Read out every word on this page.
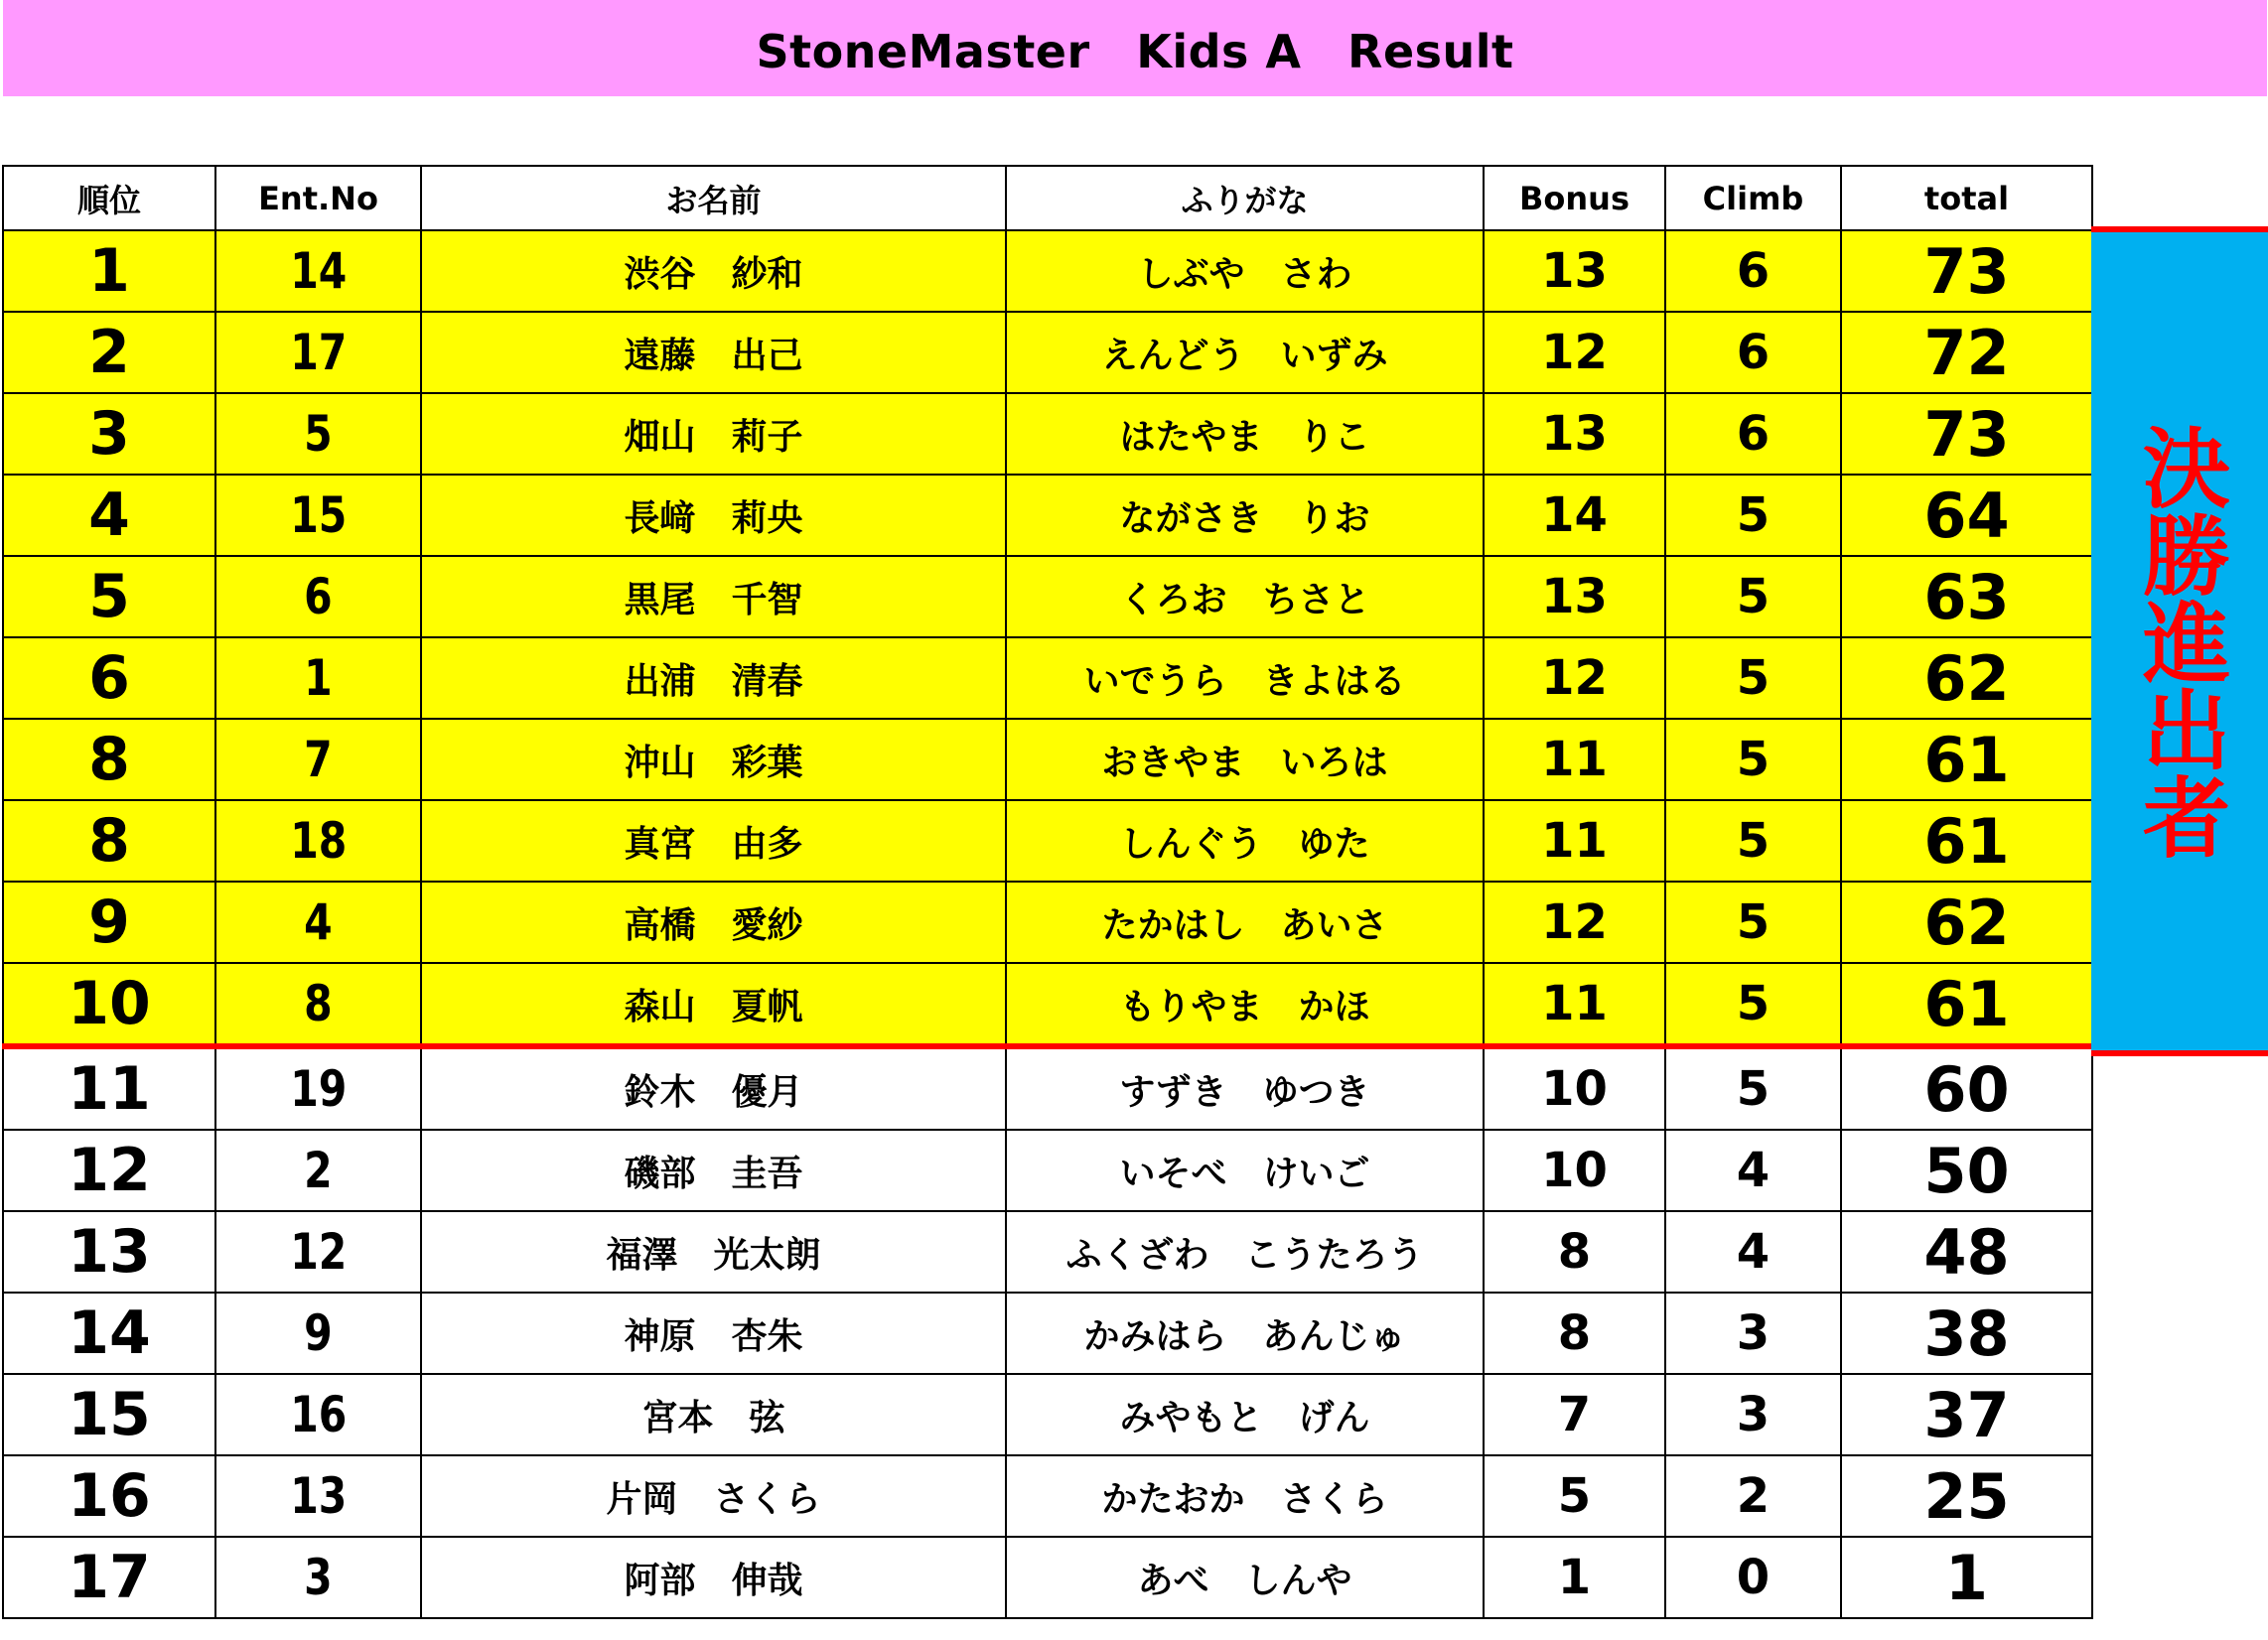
StoneMaster　Kids A　Result
順位	Ent.No	お名前	ふりがな	Bonus	Climb	total
1	14	渋谷　紗和	しぶや　さわ	13	6	73
2	17	遠藤　出己	えんどう　いずみ	12	6	72
3	5	畑山　莉子	はたやま　りこ	13	6	73
4	15	長﨑　莉央	ながさき　りお	14	5	64
5	6	黒尾　千智	くろお　ちさと	13	5	63
6	1	出浦　清春	いでうら　きよはる	12	5	62
8	7	沖山　彩葉	おきやま　いろは	11	5	61
8	18	真宮　由多	しんぐう　ゆた	11	5	61
9	4	高橋　愛紗	たかはし　あいさ	12	5	62
10	8	森山　夏帆	もりやま　かほ	11	5	61
11	19	鈴木　優月	すずき　ゆつき	10	5	60
12	2	磯部　圭吾	いそべ　けいご	10	4	50
13	12	福澤　光太朗	ふくざわ　こうたろう	8	4	48
14	9	神原　杏朱	かみはら　あんじゅ	8	3	38
15	16	宮本　弦	みやもと　げん	7	3	37
16	13	片岡　さくら	かたおか　さくら	5	2	25
17	3	阿部　伸哉	あべ　しんや	1	0	1
決勝進出者
